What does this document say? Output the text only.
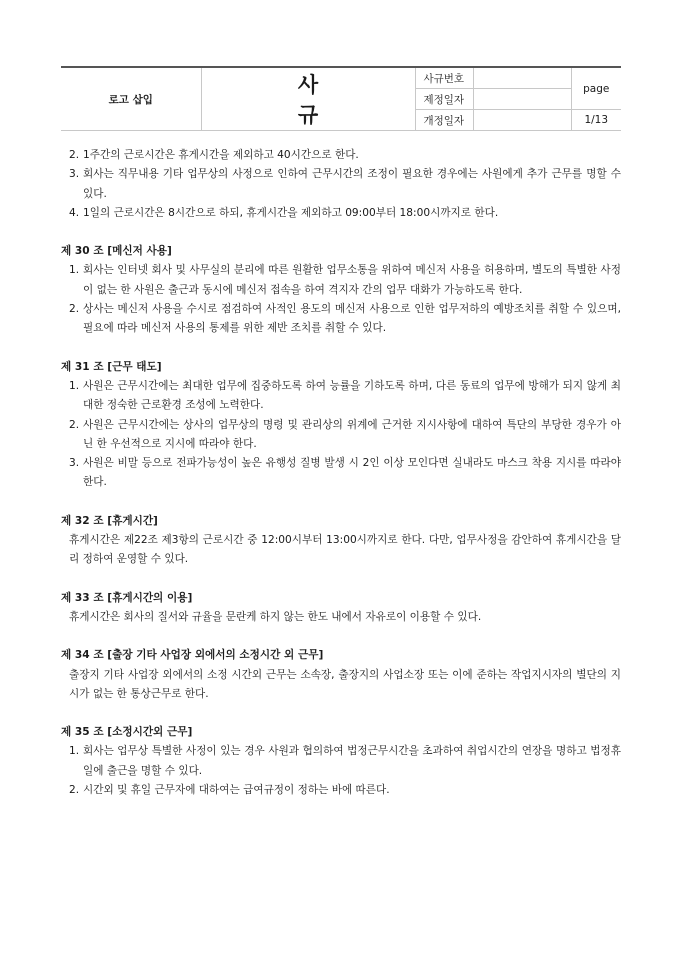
로고 삽입	사 규	사규번호		page
		제정일자		
		개정일자		1/13
2. 1주간의 근로시간은 휴게시간을 제외하고 40시간으로 한다.
3. 회사는 직무내용 기타 업무상의 사정으로 인하여 근무시간의 조정이 필요한 경우에는 사원에게 추가 근무를 명할 수 있다.
4. 1일의 근로시간은 8시간으로 하되, 휴게시간을 제외하고 09:00부터 18:00시까지로 한다.
제 30 조 [메신저 사용]
1. 회사는 인터넷 회사 및 사무실의 분리에 따른 원활한 업무소통을 위하여 메신저 사용을 허용하며, 별도의 특별한 사정이 없는 한 사원은 출근과 동시에 메신저 접속을 하여 격지자 간의 업무 대화가 가능하도록 한다.
2. 상사는 메신저 사용을 수시로 점검하여 사적인 용도의 메신저 사용으로 인한 업무저하의 예방조치를 취할 수 있으며, 필요에 따라 메신저 사용의 통제를 위한 제반 조치를 취할 수 있다.
제 31 조 [근무 태도]
1. 사원은 근무시간에는 최대한 업무에 집중하도록 하여 능률을 기하도록 하며, 다른 동료의 업무에 방해가 되지 않게 최대한 정숙한 근로환경 조성에 노력한다.
2. 사원은 근무시간에는 상사의 업무상의 명령 및 관리상의 위계에 근거한 지시사항에 대하여 특단의 부당한 경우가 아닌 한 우선적으로 지시에 따라야 한다.
3. 사원은 비말 등으로 전파가능성이 높은 유행성 질병 발생 시 2인 이상 모인다면 실내라도 마스크 착용 지시를 따라야 한다.
제 32 조 [휴게시간]
휴게시간은 제22조 제3항의 근로시간 중 12:00시부터 13:00시까지로 한다. 다만, 업무사정을 감안하여 휴게시간을 달리 정하여 운영할 수 있다.
제 33 조 [휴게시간의 이용]
휴게시간은 회사의 질서와 규율을 문란케 하지 않는 한도 내에서 자유로이 이용할 수 있다.
제 34 조 [출장 기타 사업장 외에서의 소정시간 외 근무]
출장지 기타 사업장 외에서의 소정 시간외 근무는 소속장, 출장지의 사업소장 또는 이에 준하는 작업지시자의 별단의 지시가 없는 한 통상근무로 한다.
제 35 조 [소정시간외 근무]
1. 회사는 업무상 특별한 사정이 있는 경우 사원과 협의하여 법정근무시간을 초과하여 취업시간의 연장을 명하고 법정휴일에 출근을 명할 수 있다.
2. 시간외 및 휴일 근무자에 대하여는 급여규정이 정하는 바에 따른다.
